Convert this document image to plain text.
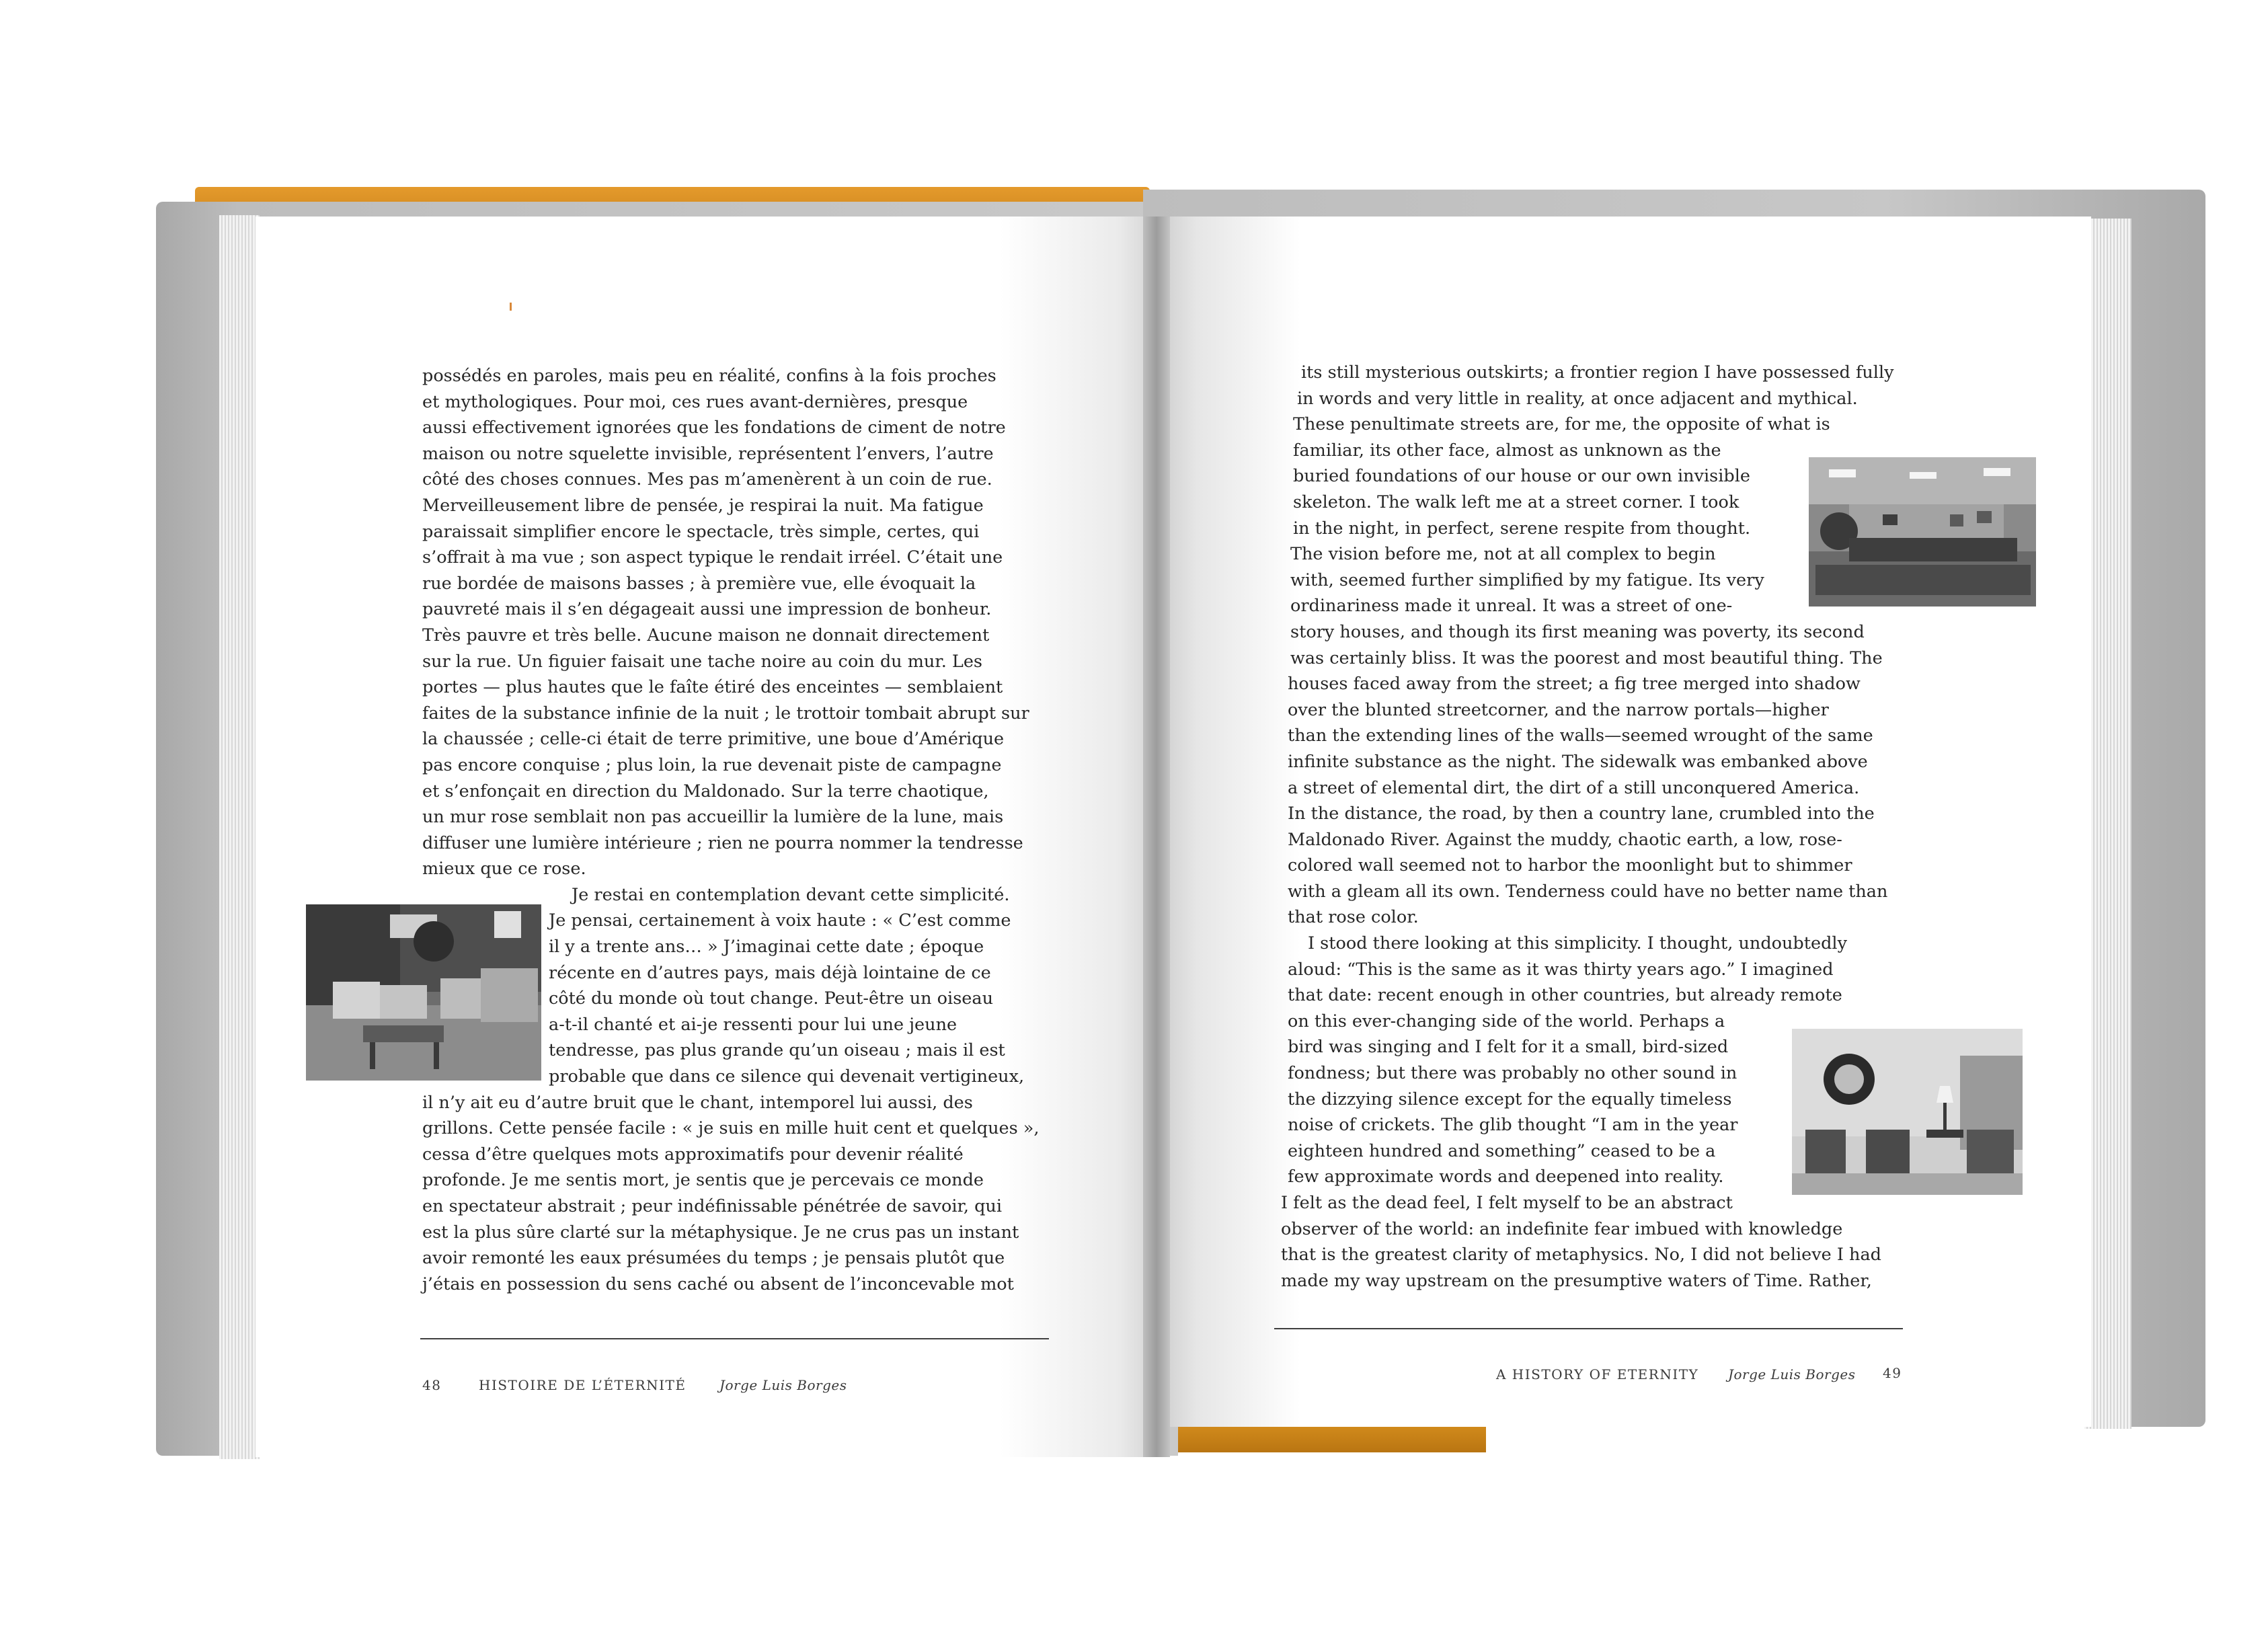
possédés en paroles, mais peu en réalité, confins à la fois proches
et mythologiques. Pour moi, ces rues avant-dernières, presque
aussi effectivement ignorées que les fondations de ciment de notre
maison ou notre squelette invisible, représentent l’envers, l’autre
côté des choses connues. Mes pas m’amenèrent à un coin de rue.
Merveilleusement libre de pensée, je respirai la nuit. Ma fatigue
paraissait simplifier encore le spectacle, très simple, certes, qui
s’offrait à ma vue ; son aspect typique le rendait irréel. C’était une
rue bordée de maisons basses ; à première vue, elle évoquait la
pauvreté mais il s’en dégageait aussi une impression de bonheur.
Très pauvre et très belle. Aucune maison ne donnait directement
sur la rue. Un figuier faisait une tache noire au coin du mur. Les
portes — plus hautes que le faîte étiré des enceintes — semblaient
faites de la substance infinie de la nuit ; le trottoir tombait abrupt sur
la chaussée ; celle-ci était de terre primitive, une boue d’Amérique
pas encore conquise ; plus loin, la rue devenait piste de campagne
et s’enfonçait en direction du Maldonado. Sur la terre chaotique,
un mur rose semblait non pas accueillir la lumière de la lune, mais
diffuser une lumière intérieure ; rien ne pourra nommer la tendresse
mieux que ce rose.
Je restai en contemplation devant cette simplicité.
Je pensai, certainement à voix haute : « C’est comme
il y a trente ans… » J’imaginai cette date ; époque
récente en d’autres pays, mais déjà lointaine de ce
côté du monde où tout change. Peut-être un oiseau
a-t-il chanté et ai-je ressenti pour lui une jeune
tendresse, pas plus grande qu’un oiseau ; mais il est
probable que dans ce silence qui devenait vertigineux,
il n’y ait eu d’autre bruit que le chant, intemporel lui aussi, des
grillons. Cette pensée facile : « je suis en mille huit cent et quelques »,
cessa d’être quelques mots approximatifs pour devenir réalité
profonde. Je me sentis mort, je sentis que je percevais ce monde
en spectateur abstrait ; peur indéfinissable pénétrée de savoir, qui
est la plus sûre clarté sur la métaphysique. Je ne crus pas un instant
avoir remonté les eaux présumées du temps ; je pensais plutôt que
j’étais en possession du sens caché ou absent de l’inconcevable mot
its still mysterious outskirts; a frontier region I have possessed fully
in words and very little in reality, at once adjacent and mythical.
These penultimate streets are, for me, the opposite of what is
familiar, its other face, almost as unknown as the
buried foundations of our house or our own invisible
skeleton. The walk left me at a street corner. I took
in the night, in perfect, serene respite from thought.
The vision before me, not at all complex to begin
with, seemed further simplified by my fatigue. Its very
ordinariness made it unreal. It was a street of one-
story houses, and though its first meaning was poverty, its second
was certainly bliss. It was the poorest and most beautiful thing. The
houses faced away from the street; a fig tree merged into shadow
over the blunted streetcorner, and the narrow portals—higher
than the extending lines of the walls—seemed wrought of the same
infinite substance as the night. The sidewalk was embanked above
a street of elemental dirt, the dirt of a still unconquered America.
In the distance, the road, by then a country lane, crumbled into the
Maldonado River. Against the muddy, chaotic earth, a low, rose-
colored wall seemed not to harbor the moonlight but to shimmer
with a gleam all its own. Tenderness could have no better name than
that rose color.
I stood there looking at this simplicity. I thought, undoubtedly
aloud: “This is the same as it was thirty years ago.” I imagined
that date: recent enough in other countries, but already remote
on this ever-changing side of the world. Perhaps a
bird was singing and I felt for it a small, bird-sized
fondness; but there was probably no other sound in
the dizzying silence except for the equally timeless
noise of crickets. The glib thought “I am in the year
eighteen hundred and something” ceased to be a
few approximate words and deepened into reality.
I felt as the dead feel, I felt myself to be an abstract
observer of the world: an indefinite fear imbued with knowledge
that is the greatest clarity of metaphysics. No, I did not believe I had
made my way upstream on the presumptive waters of Time. Rather,
48	HISTOIRE DE L’ÉTERNITÉ Jorge Luis Borges
A HISTORY OF ETERNITY Jorge Luis Borges 49
